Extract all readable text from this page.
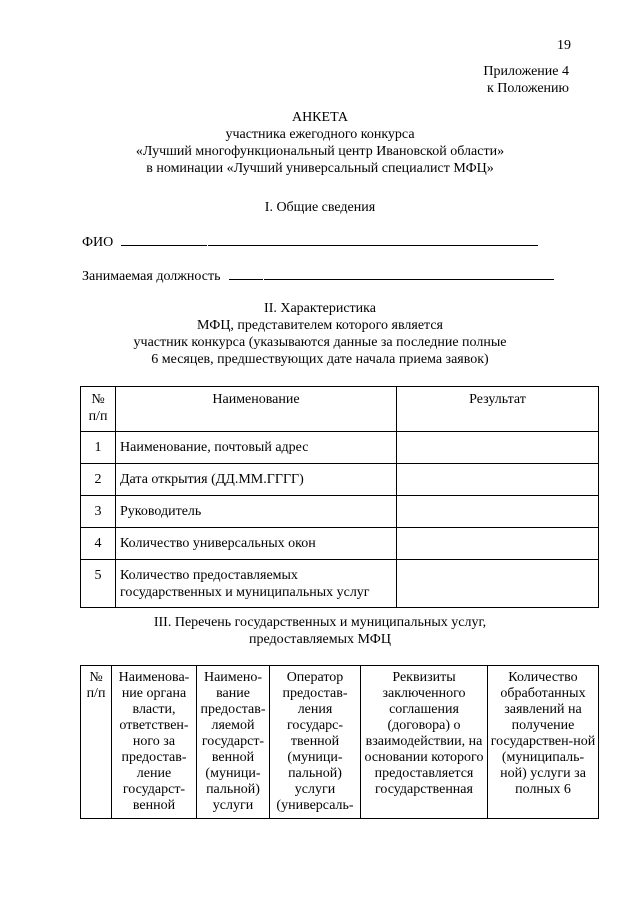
19
Приложение 4
к Положению
АНКЕТА
участника ежегодного конкурса
«Лучший многофункциональный центр Ивановской области»
в номинации «Лучший универсальный специалист МФЦ»
I. Общие сведения
ФИО
Занимаемая должность
II. Характеристика
МФЦ, представителем которого является
участник конкурса (указываются данные за последние полные
6 месяцев, предшествующих дате начала приема заявок)
№ п/п	Наименование	Результат
1	Наименование, почтовый адрес	
2	Дата открытия (ДД.ММ.ГГГГ)	
3	Руководитель	
4	Количество универсальных окон	
5	Количество предоставляемых государственных и муниципальных услуг	
III. Перечень государственных и муниципальных услуг,
предоставляемых МФЦ
№ п/п	Наименова-ние органа власти, ответствен-ного за предостав-ление государст-венной	Наимено-вание предостав-ляемой государст-венной (муници-пальной) услуги	Оператор предостав-ления государс-твенной (муници-пальной) услуги (универсаль-	Реквизиты заключенного соглашения (договора) о взаимодействии, на основании которого предоставляется государственная	Количество обработанных заявлений на получение государствен-ной (муниципаль-ной) услуги за полных 6
